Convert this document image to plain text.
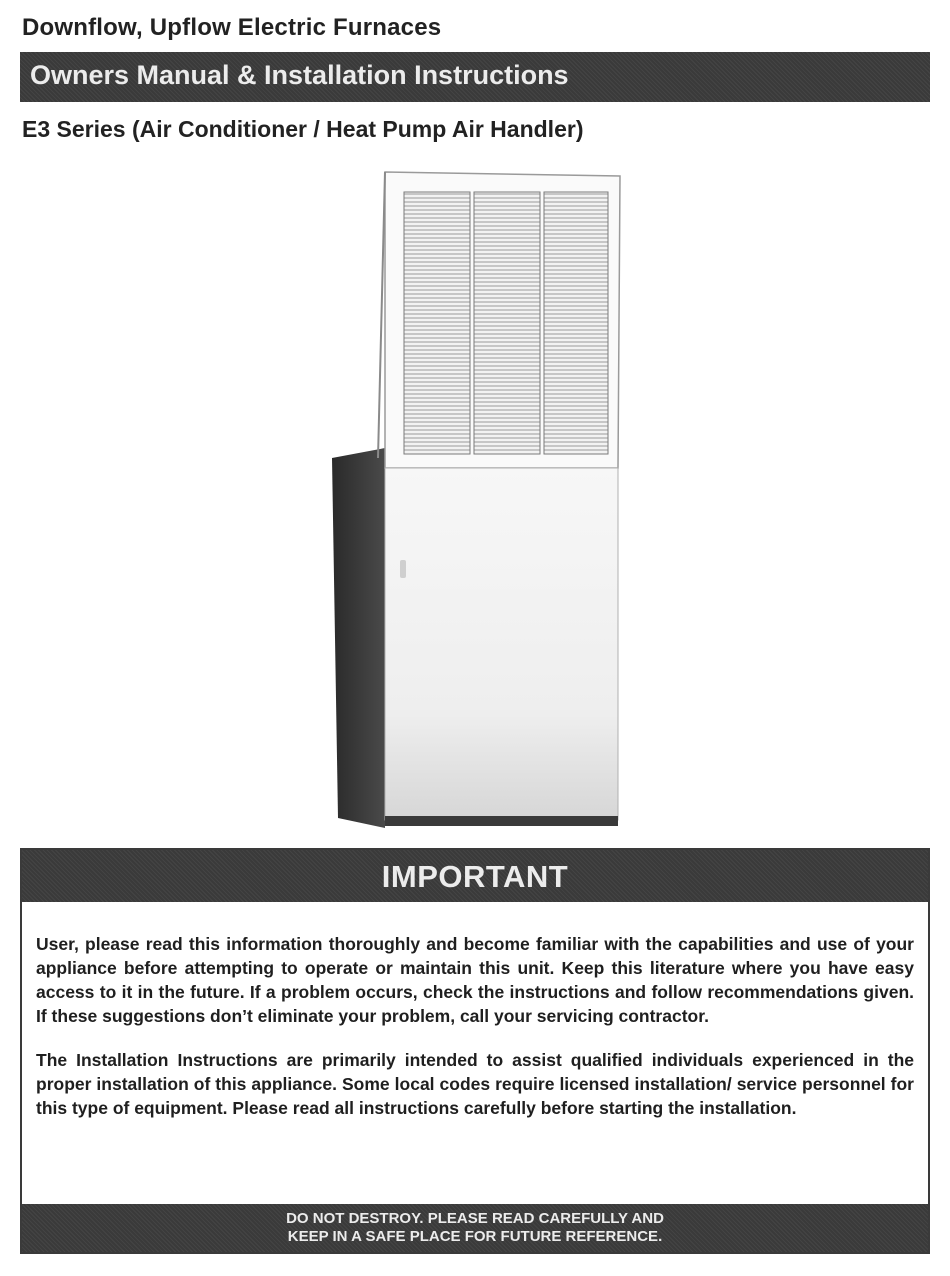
Downflow, Upflow Electric Furnaces
Owners Manual & Installation Instructions
E3 Series (Air Conditioner / Heat Pump Air Handler)
IMPORTANT

User, please read this information thoroughly and become familiar with the capabilities and use of your appliance before attempting to operate or maintain this unit. Keep this literature where you have easy access to it in the future. If a problem occurs, check the instructions and follow recommendations given. If these suggestions don’t eliminate your problem, call your servicing contractor.

The Installation Instructions are primarily intended to assist qualified individuals experienced in the proper installation of this appliance. Some local codes require licensed installation/ service personnel for this type of equipment. Please read all instructions carefully before starting the installation.

DO NOT DESTROY. PLEASE READ CAREFULLY AND
KEEP IN A SAFE PLACE FOR FUTURE REFERENCE.
